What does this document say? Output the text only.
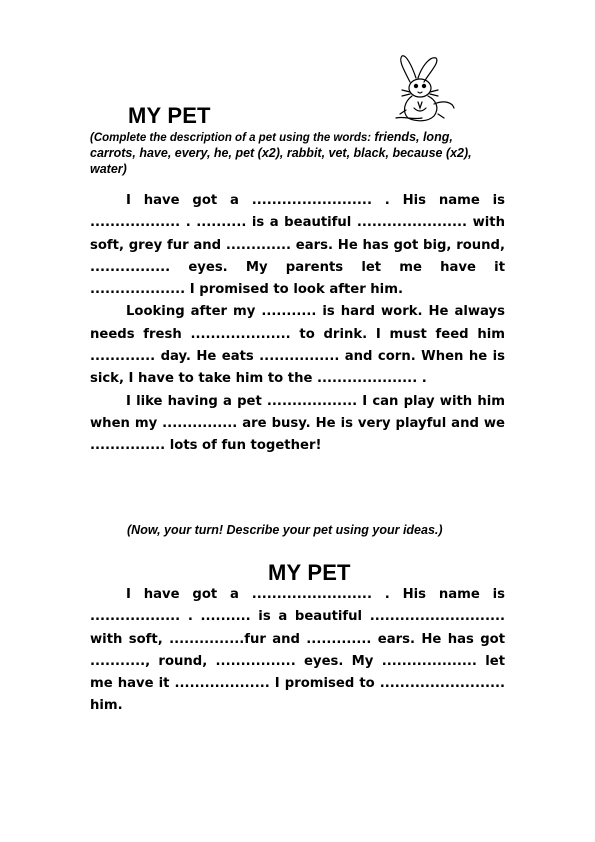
MY PET
(Complete the description of a pet using the words: friends, long, carrots, have, every, he, pet (x2), rabbit, vet, black, because (x2), water)

I have got a ........................ . His name is .................. . .......... is a beautiful ...................... with soft, grey fur and ............. ears. He has got big, round, ................ eyes. My parents let me have it ................... I promised to look after him.

Looking after my ........... is hard work. He always needs fresh .................... to drink. I must feed him ............. day. He eats ................ and corn. When he is sick, I have to take him to the .................... .

I like having a pet .................. I can play with him when my ............... are busy. He is very playful and we ............... lots of fun together!

(Now, your turn! Describe your pet using your ideas.)
MY PET

I have got a ........................ . His name is .................. . .......... is a beautiful ........................... with soft, ...............fur and ............. ears. He has got ..........., round, ................ eyes. My ................... let me have it ................... I promised to ......................... him.
